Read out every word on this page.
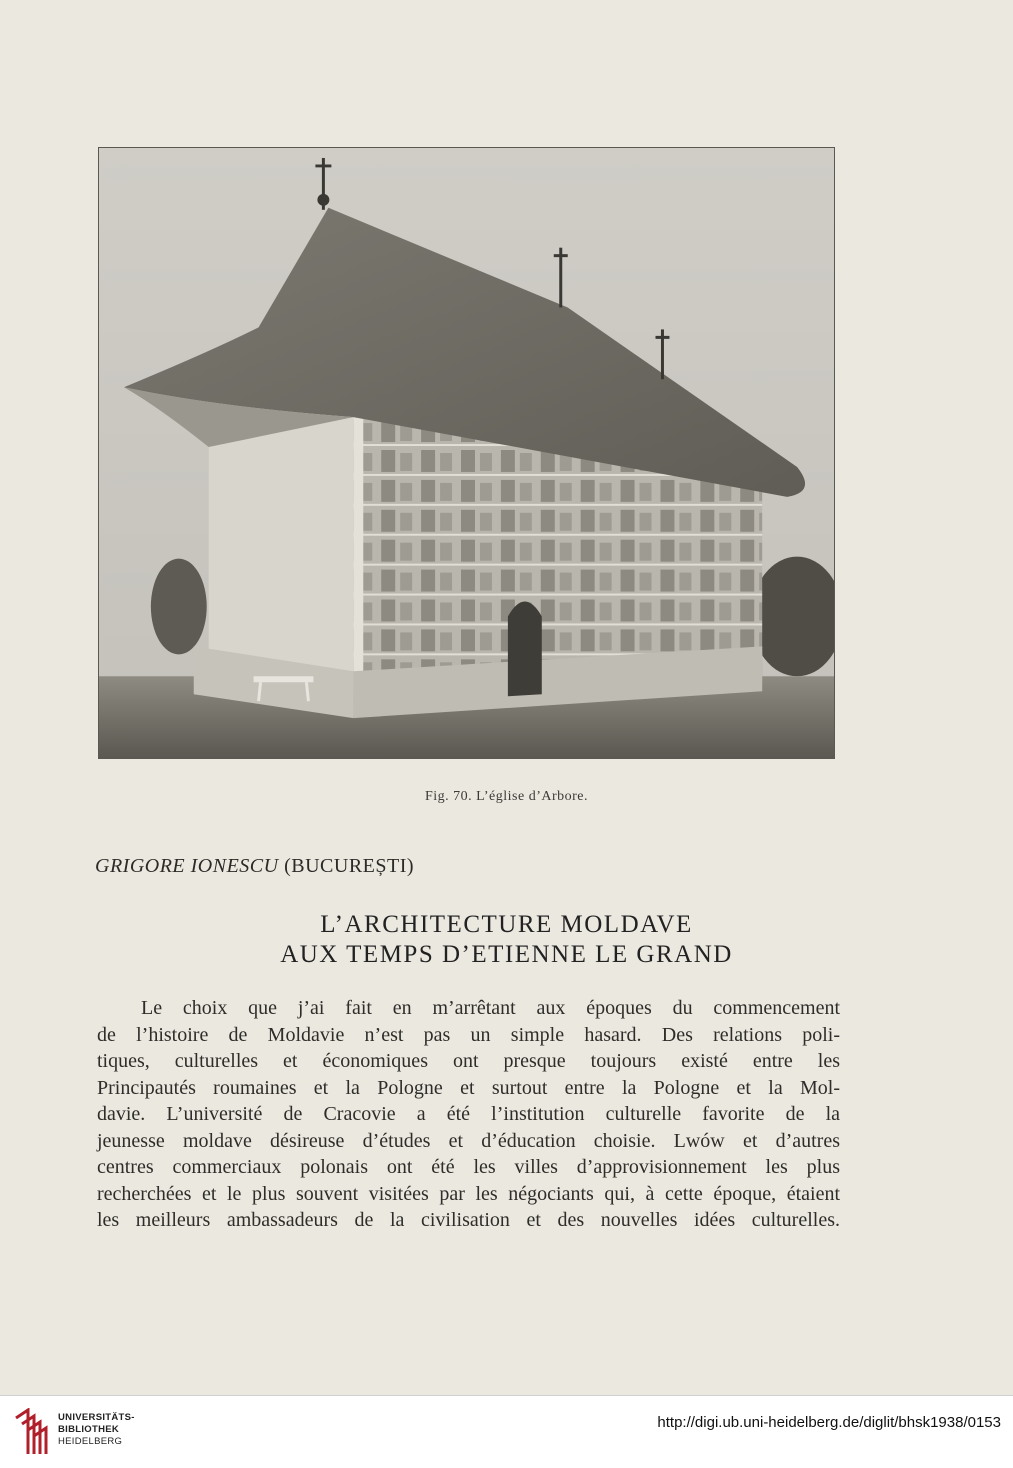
Fig. 70. L’église d’Arbore.
GRIGORE IONESCU (BUCUREȘTI)
L’ARCHITECTURE MOLDAVE
AUX TEMPS D’ETIENNE LE GRAND
Le choix que j’ai fait en m’arrêtant aux époques du commencement
de l’histoire de Moldavie n’est pas un simple hasard. Des relations poli-
tiques, culturelles et économiques ont presque toujours existé entre les
Principautés roumaines et la Pologne et surtout entre la Pologne et la Mol-
davie. L’université de Cracovie a été l’institution culturelle favorite de la
jeunesse moldave désireuse d’études et d’éducation choisie. Lwów et d’autres
centres commerciaux polonais ont été les villes d’approvisionnement les plus
recherchées et le plus souvent visitées par les négociants qui, à cette époque, étaient
les meilleurs ambassadeurs de la civilisation et des nouvelles idées culturelles.
UNIVERSITÄTS-
BIBLIOTHEK
HEIDELBERG
http://digi.ub.uni-heidelberg.de/diglit/bhsk1938/0153
